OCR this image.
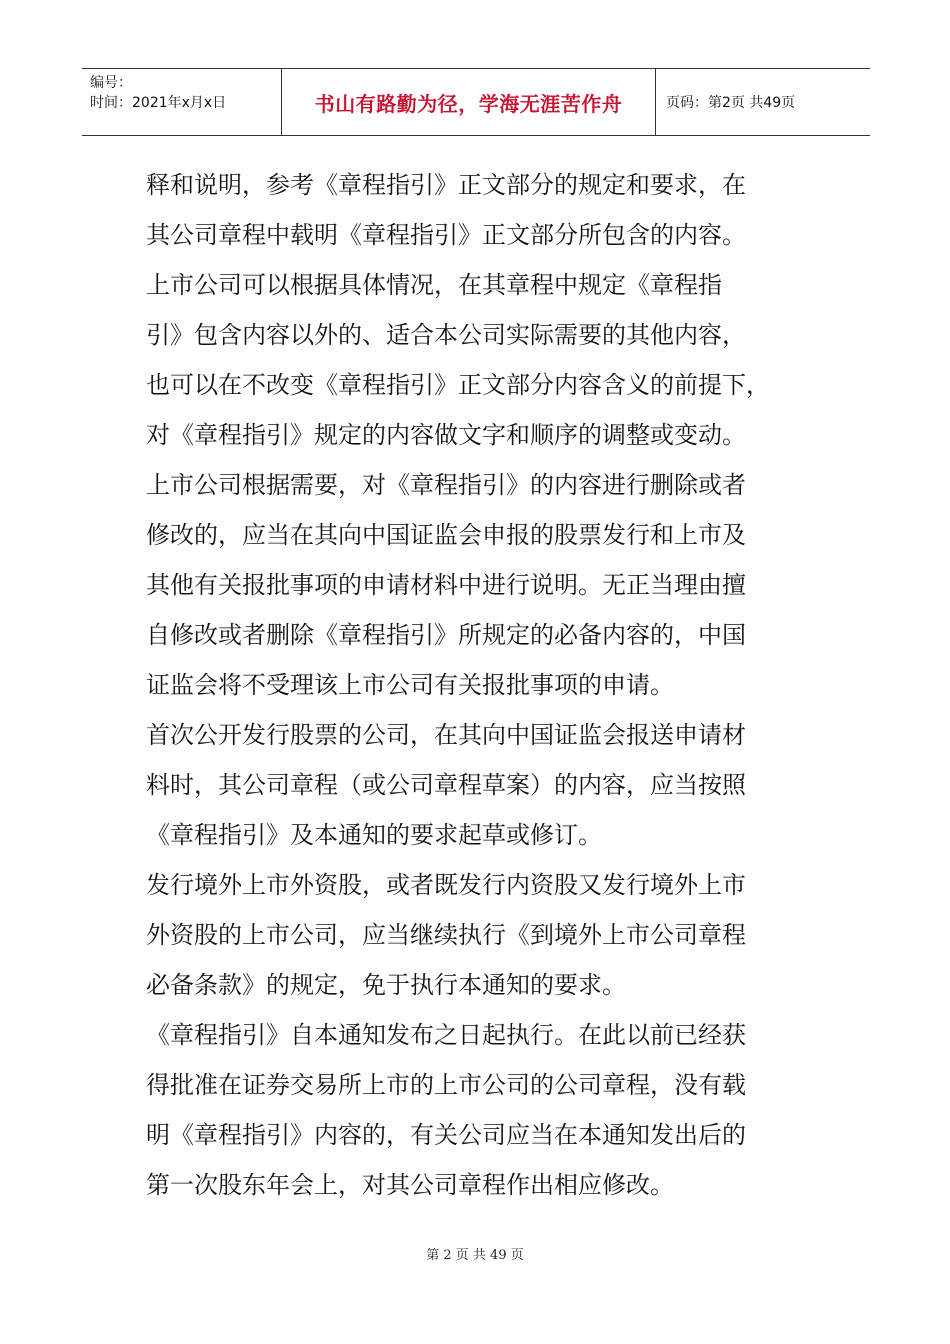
编号：
时间：2021年x月x日	书山有路勤为径，学海无涯苦作舟	页码：第2页 共49页
释和说明，参考《章程指引》正文部分的规定和要求，在
其公司章程中载明《章程指引》正文部分所包含的内容。
上市公司可以根据具体情况，在其章程中规定《章程指
引》包含内容以外的、适合本公司实际需要的其他内容，
也可以在不改变《章程指引》正文部分内容含义的前提下，
对《章程指引》规定的内容做文字和顺序的调整或变动。
上市公司根据需要，对《章程指引》的内容进行删除或者
修改的，应当在其向中国证监会申报的股票发行和上市及
其他有关报批事项的申请材料中进行说明。无正当理由擅
自修改或者删除《章程指引》所规定的必备内容的，中国
证监会将不受理该上市公司有关报批事项的申请。
首次公开发行股票的公司，在其向中国证监会报送申请材
料时，其公司章程（或公司章程草案）的内容，应当按照
《章程指引》及本通知的要求起草或修订。
发行境外上市外资股，或者既发行内资股又发行境外上市
外资股的上市公司，应当继续执行《到境外上市公司章程
必备条款》的规定，免于执行本通知的要求。
《章程指引》自本通知发布之日起执行。在此以前已经获
得批准在证券交易所上市的上市公司的公司章程，没有载
明《章程指引》内容的，有关公司应当在本通知发出后的
第一次股东年会上，对其公司章程作出相应修改。
第 2 页 共 49 页
